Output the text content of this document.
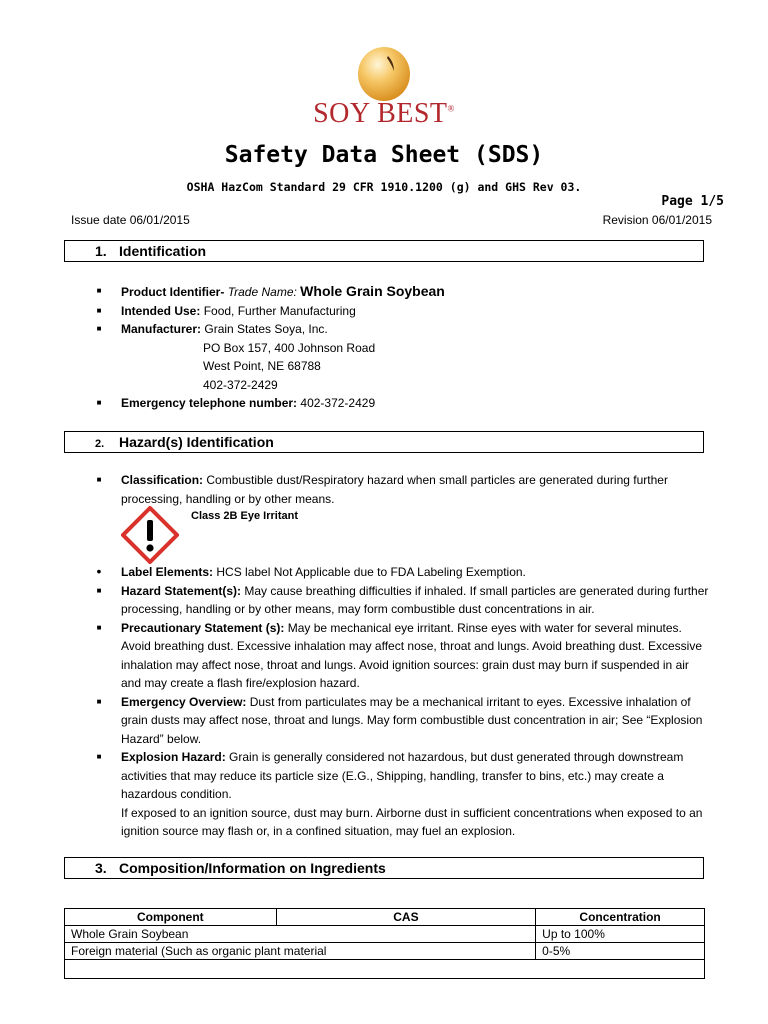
SOY BEST®
Safety Data Sheet (SDS)
OSHA HazCom Standard 29 CFR 1910.1200 (g) and GHS Rev 03.
Page 1/5
Issue date 06/01/2015	Revision 06/01/2015
1. Identification
■	Product Identifier- Trade Name: Whole Grain Soybean
■	Intended Use: Food, Further Manufacturing
■	Manufacturer: Grain States Soya, Inc.
PO Box 157, 400 Johnson Road
West Point, NE 68788
402-372-2429
■	Emergency telephone number: 402-372-2429
2. Hazard(s) Identification
■	Classification: Combustible dust/Respiratory hazard when small particles are generated during further processing, handling or by other means.
Class 2B Eye Irritant
•	Label Elements: HCS label Not Applicable due to FDA Labeling Exemption.
■	Hazard Statement(s): May cause breathing difficulties if inhaled. If small particles are generated during further processing, handling or by other means, may form combustible dust concentrations in air.
■	Precautionary Statement (s): May be mechanical eye irritant. Rinse eyes with water for several minutes. Avoid breathing dust. Excessive inhalation may affect nose, throat and lungs. Avoid breathing dust. Excessive inhalation may affect nose, throat and lungs. Avoid ignition sources: grain dust may burn if suspended in air and may create a flash fire/explosion hazard.
■	Emergency Overview: Dust from particulates may be a mechanical irritant to eyes. Excessive inhalation of grain dusts may affect nose, throat and lungs. May form combustible dust concentration in air; See “Explosion Hazard” below.
■	Explosion Hazard: Grain is generally considered not hazardous, but dust generated through downstream activities that may reduce its particle size (E.G., Shipping, handling, transfer to bins, etc.) may create a hazardous condition.
If exposed to an ignition source, dust may burn. Airborne dust in sufficient concentrations when exposed to an ignition source may flash or, in a confined situation, may fuel an explosion.
3. Composition/Information on Ingredients
Component	CAS	Concentration
Whole Grain Soybean		Up to 100%
Foreign material (Such as organic plant material		0-5%
